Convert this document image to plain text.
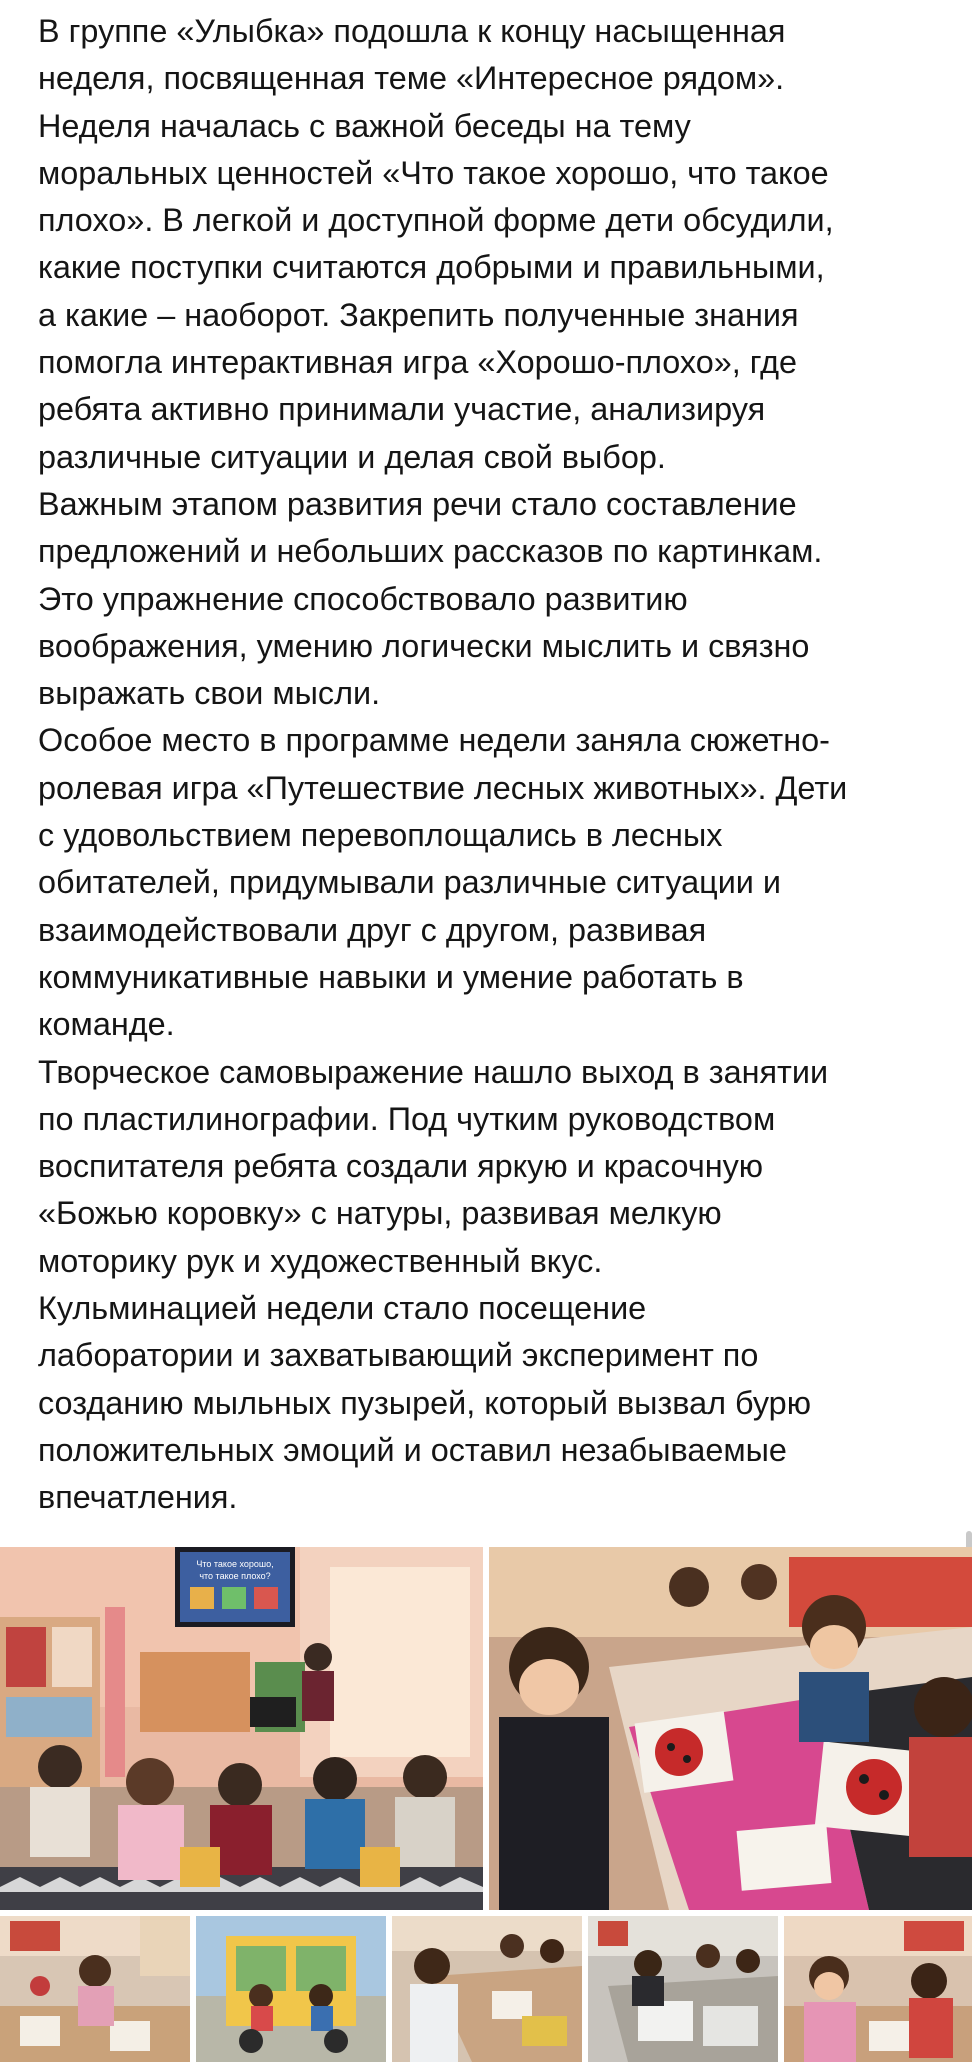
В группе «Улыбка» подошла к концу насыщенная
неделя, посвященная теме «Интересное рядом».
Неделя началась с важной беседы на тему
моральных ценностей «Что такое хорошо, что такое
плохо». В легкой и доступной форме дети обсудили,
какие поступки считаются добрыми и правильными,
а какие – наоборот. Закрепить полученные знания
помогла интерактивная игра «Хорошо-плохо», где
ребята активно принимали участие, анализируя
различные ситуации и делая свой выбор.
Важным этапом развития речи стало составление
предложений и небольших рассказов по картинкам.
Это упражнение способствовало развитию
воображения, умению логически мыслить и связно
выражать свои мысли.
Особое место в программе недели заняла сюжетно-
ролевая игра «Путешествие лесных животных». Дети
с удовольствием перевоплощались в лесных
обитателей, придумывали различные ситуации и
взаимодействовали друг с другом, развивая
коммуникативные навыки и умение работать в
команде.
Творческое самовыражение нашло выход в занятии
по пластилинографии. Под чутким руководством
воспитателя ребята создали яркую и красочную
«Божью коровку» с натуры, развивая мелкую
моторику рук и художественный вкус.
Кульминацией недели стало посещение
лаборатории и захватывающий эксперимент по
созданию мыльных пузырей, который вызвал бурю
положительных эмоций и оставил незабываемые
впечатления.
Что такое хорошо,
что такое плохо?
